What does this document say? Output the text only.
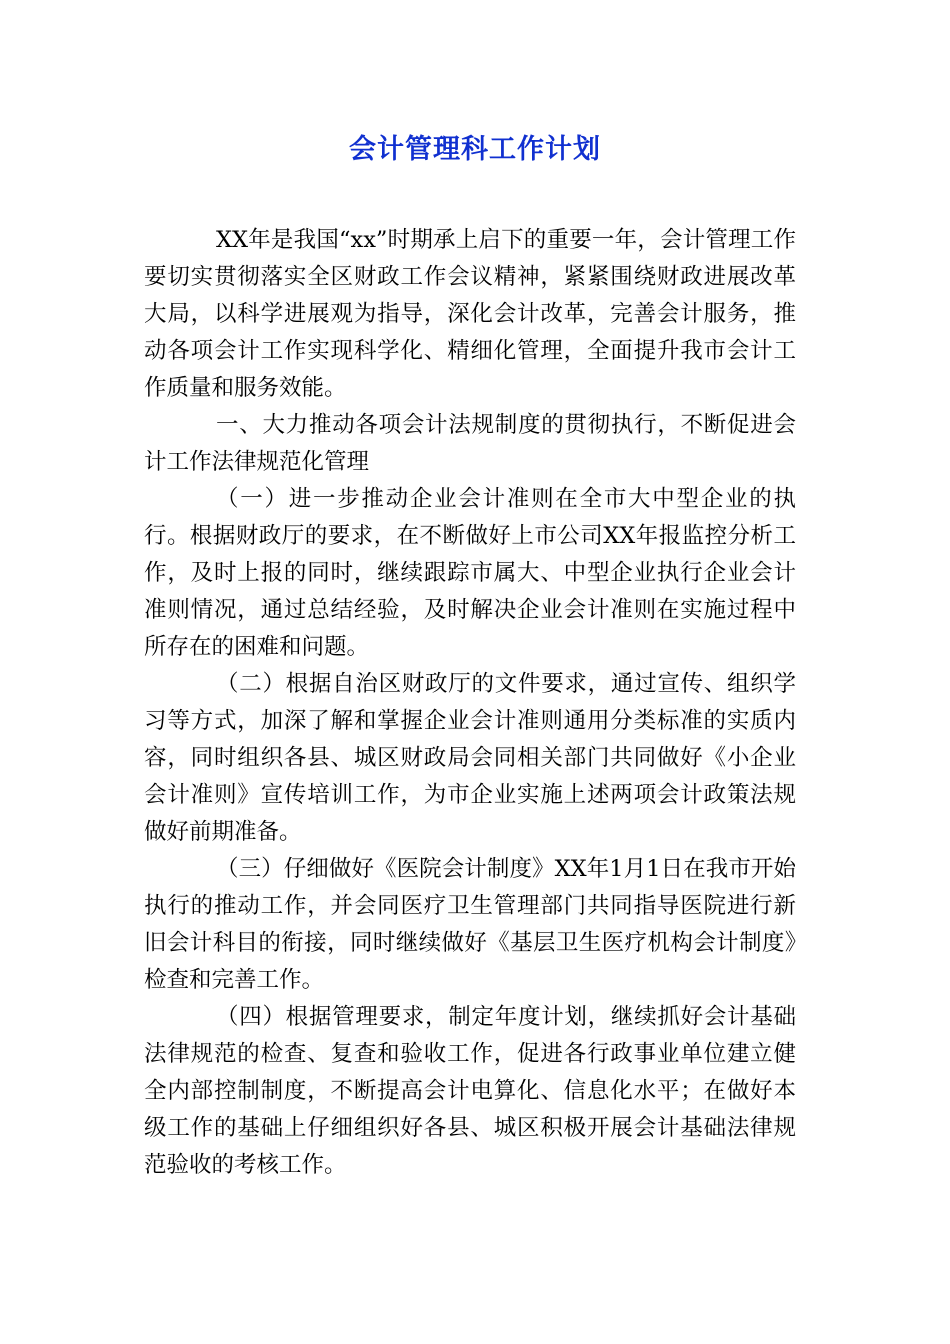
会计管理科工作计划

XX年是我国“xx”时期承上启下的重要一年，会计管理工作要切实贯彻落实全区财政工作会议精神，紧紧围绕财政进展改革大局，以科学进展观为指导，深化会计改革，完善会计服务，推动各项会计工作实现科学化、精细化管理，全面提升我市会计工作质量和服务效能。

一、大力推动各项会计法规制度的贯彻执行，不断促进会计工作法律规范化管理

（一）进一步推动企业会计准则在全市大中型企业的执行。根据财政厅的要求，在不断做好上市公司XX年报监控分析工作，及时上报的同时，继续跟踪市属大、中型企业执行企业会计准则情况，通过总结经验，及时解决企业会计准则在实施过程中所存在的困难和问题。

（二）根据自治区财政厅的文件要求，通过宣传、组织学习等方式，加深了解和掌握企业会计准则通用分类标准的实质内容，同时组织各县、城区财政局会同相关部门共同做好《小企业会计准则》宣传培训工作，为市企业实施上述两项会计政策法规做好前期准备。

（三）仔细做好《医院会计制度》XX年1月1日在我市开始执行的推动工作，并会同医疗卫生管理部门共同指导医院进行新旧会计科目的衔接，同时继续做好《基层卫生医疗机构会计制度》检查和完善工作。

（四）根据管理要求，制定年度计划，继续抓好会计基础法律规范的检查、复查和验收工作，促进各行政事业单位建立健全内部控制制度，不断提高会计电算化、信息化水平；在做好本级工作的基础上仔细组织好各县、城区积极开展会计基础法律规范验收的考核工作。
